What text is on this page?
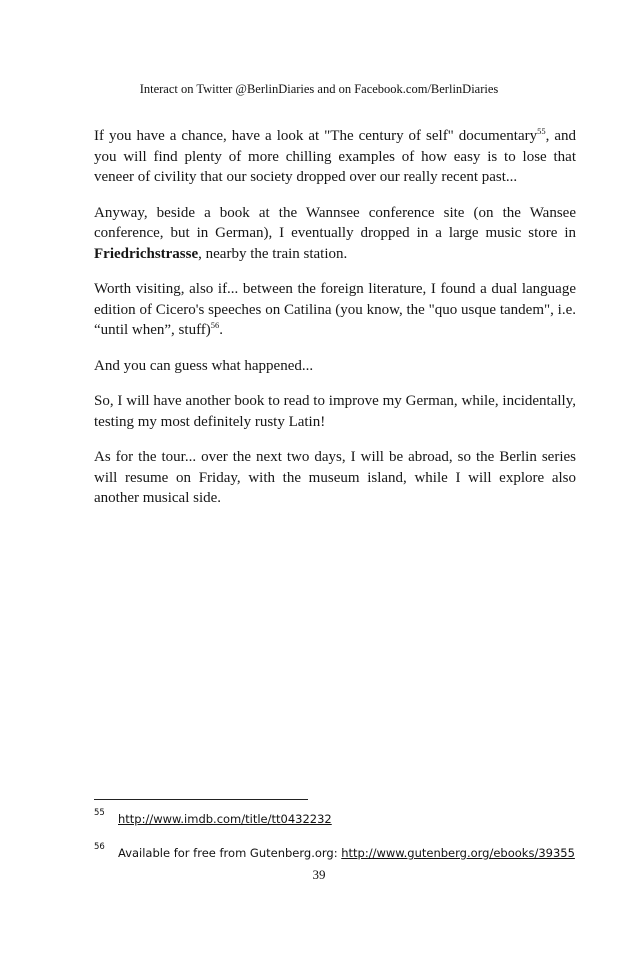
Interact on Twitter @BerlinDiaries and on Facebook.com/BerlinDiaries

If you have a chance, have a look at "The century of self" documentary$^{55}$, and you will find plenty of more chilling examples of how easy is to lose that veneer of civility that our society dropped over our really recent past...

Anyway, beside a book at the Wannsee conference site (on the Wansee conference, but in German), I eventually dropped in a large music store in Friedrichstrasse, nearby the train station.

Worth visiting, also if... between the foreign literature, I found a dual language edition of Cicero's speeches on Catilina (you know, the "quo usque tandem", i.e. “until when”, stuff)$^{56}$.

And you can guess what happened...

So, I will have another book to read to improve my German, while, incidentally, testing my most definitely rusty Latin!

As for the tour... over the next two days, I will be abroad, so the Berlin series will resume on Friday, with the museum island, while I will explore also another musical side.

55 http://www.imdb.com/title/tt0432232
56 Available for free from Gutenberg.org: http://www.gutenberg.org/ebooks/39355
39
